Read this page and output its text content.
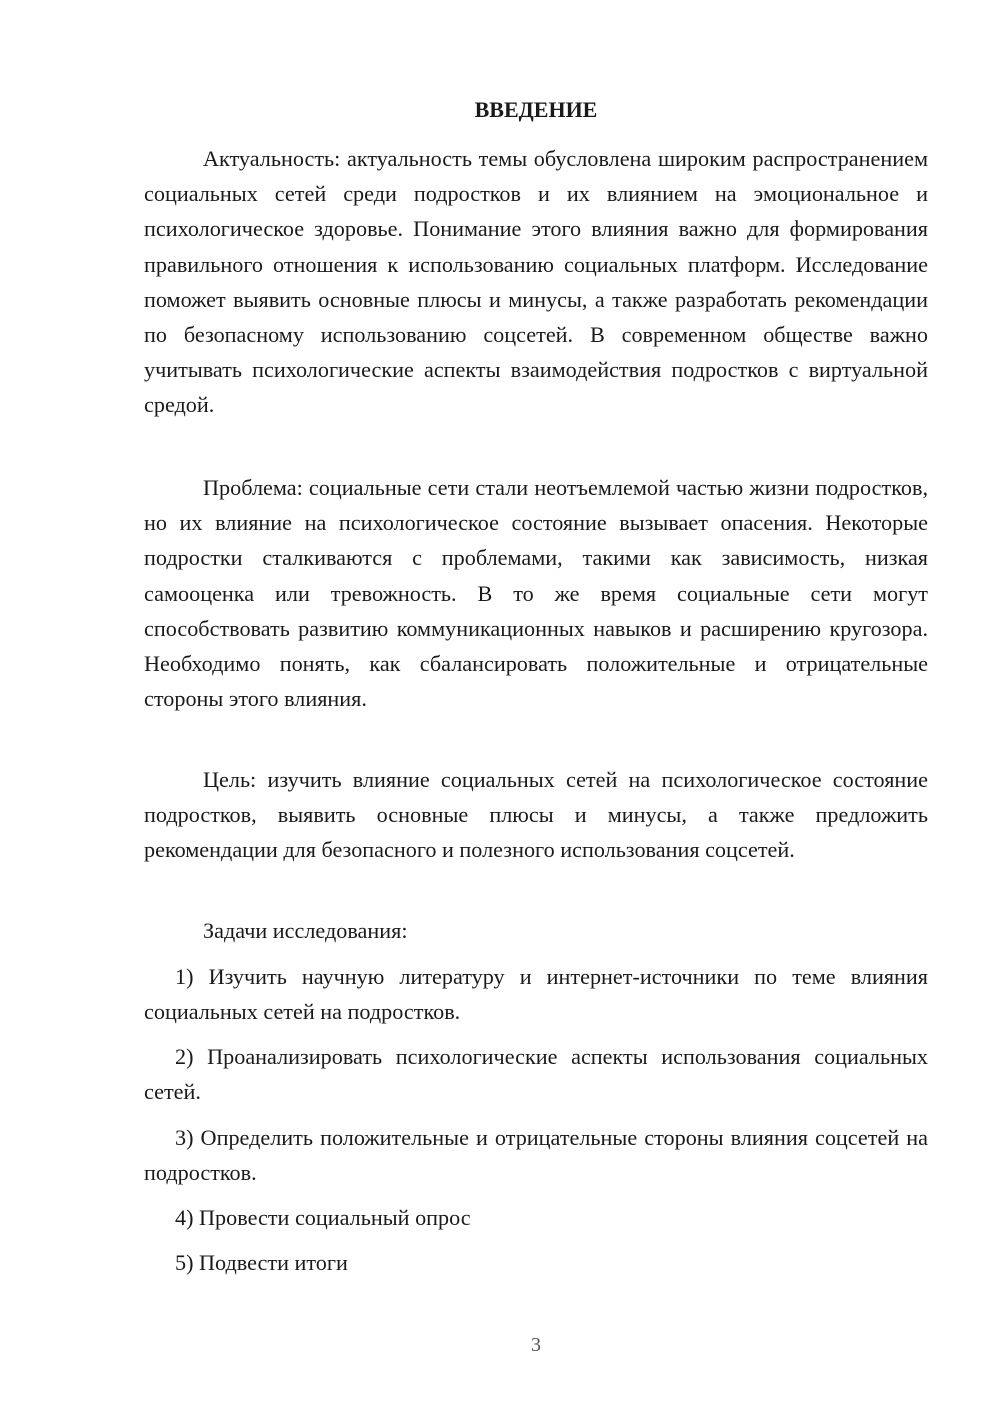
ВВЕДЕНИЕ

Актуальность: актуальность темы обусловлена широким распространением социальных сетей среди подростков и их влиянием на эмоциональное и психологическое здоровье. Понимание этого влияния важно для формирования правильного отношения к использованию социальных платформ. Исследование поможет выявить основные плюсы и минусы, а также разработать рекомендации по безопасному использованию соцсетей. В современном обществе важно учитывать психологические аспекты взаимодействия подростков с виртуальной средой.

Проблема: социальные сети стали неотъемлемой частью жизни подростков, но их влияние на психологическое состояние вызывает опасения. Некоторые подростки сталкиваются с проблемами, такими как зависимость, низкая самооценка или тревожность. В то же время социальные сети могут способствовать развитию коммуникационных навыков и расширению кругозора. Необходимо понять, как сбалансировать положительные и отрицательные стороны этого влияния.

Цель: изучить влияние социальных сетей на психологическое состояние подростков, выявить основные плюсы и минусы, а также предложить рекомендации для безопасного и полезного использования соцсетей.

Задачи исследования:

1) Изучить научную литературу и интернет-источники по теме влияния социальных сетей на подростков.

2) Проанализировать психологические аспекты использования социальных сетей.

3) Определить положительные и отрицательные стороны влияния соцсетей на подростков.

4) Провести социальный опрос

5) Подвести итоги

3
